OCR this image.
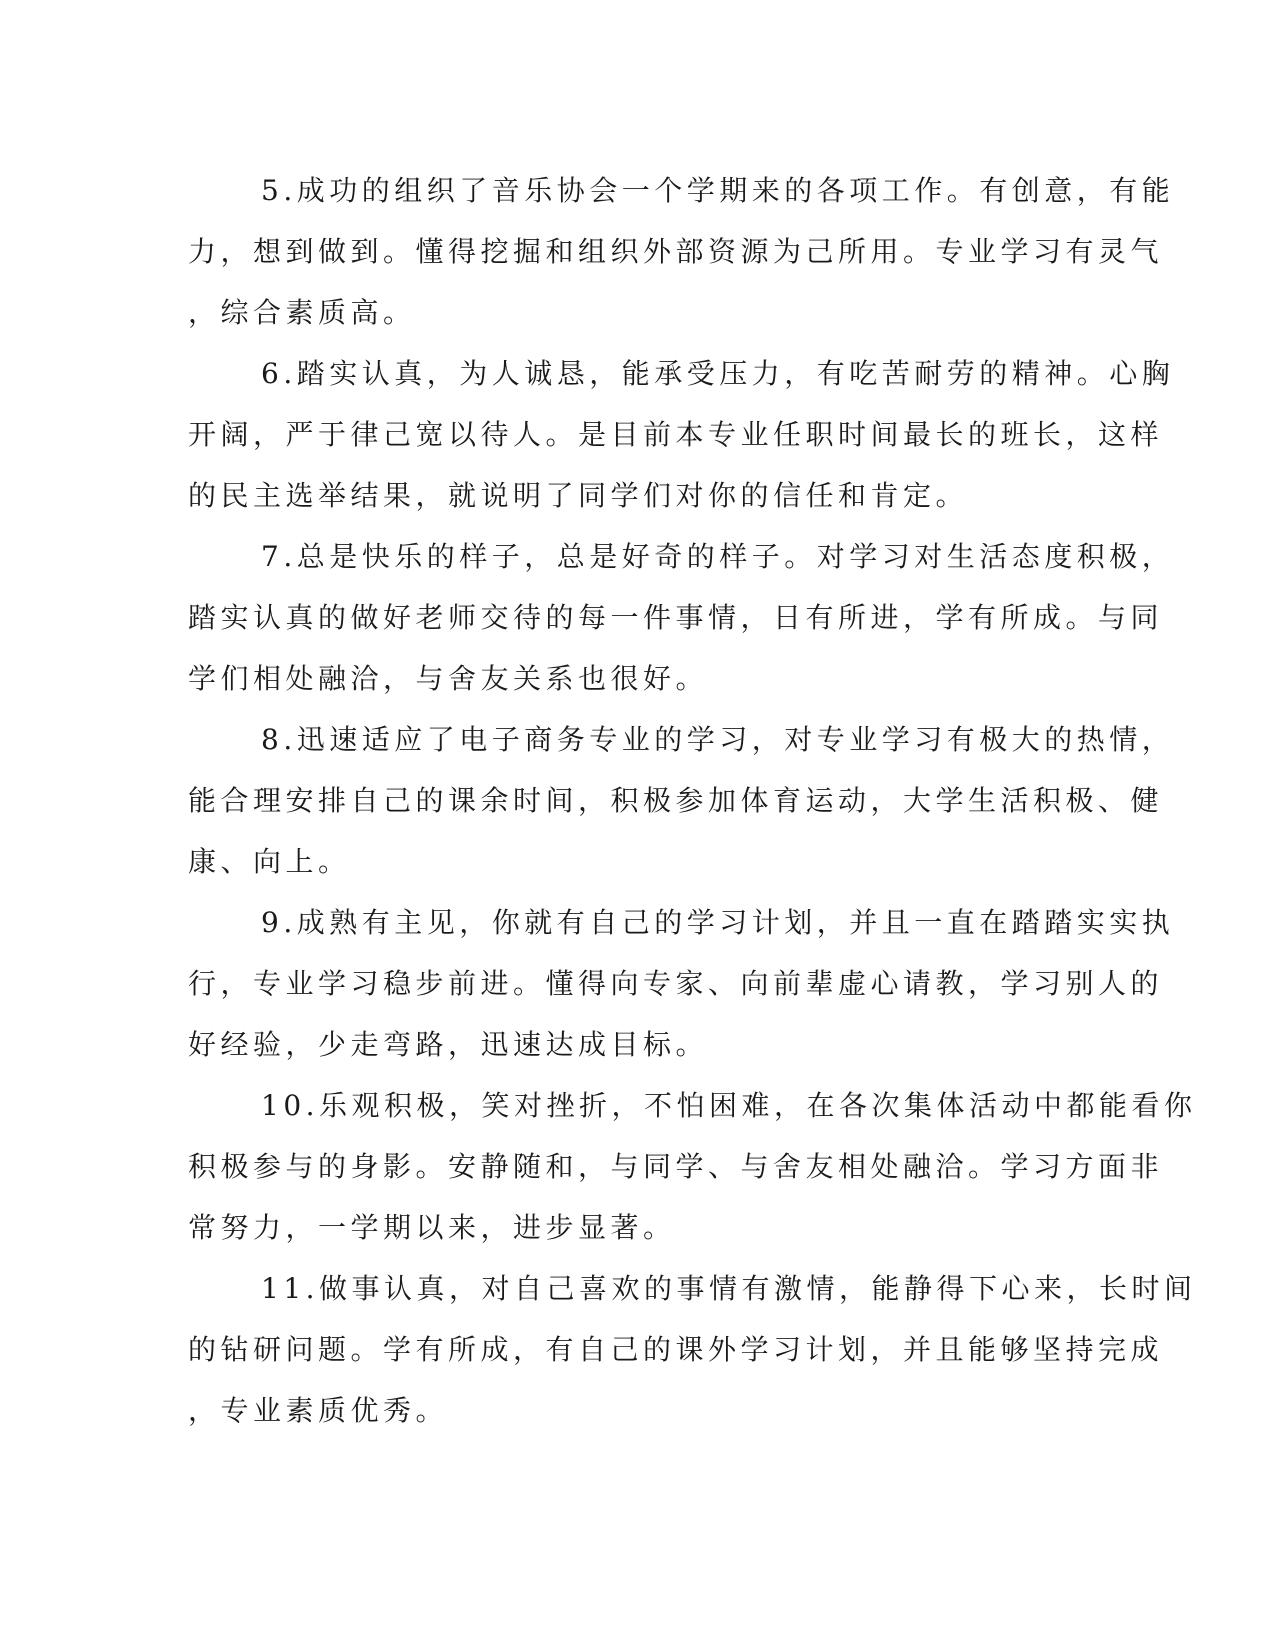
5.成功的组织了音乐协会一个学期来的各项工作。有创意，有能
力，想到做到。懂得挖掘和组织外部资源为己所用。专业学习有灵气
，综合素质高。

6.踏实认真，为人诚恳，能承受压力，有吃苦耐劳的精神。心胸
开阔，严于律己宽以待人。是目前本专业任职时间最长的班长，这样
的民主选举结果，就说明了同学们对你的信任和肯定。

7.总是快乐的样子，总是好奇的样子。对学习对生活态度积极，
踏实认真的做好老师交待的每一件事情，日有所进，学有所成。与同
学们相处融洽，与舍友关系也很好。

8.迅速适应了电子商务专业的学习，对专业学习有极大的热情，
能合理安排自己的课余时间，积极参加体育运动，大学生活积极、健
康、向上。

9.成熟有主见，你就有自己的学习计划，并且一直在踏踏实实执
行，专业学习稳步前进。懂得向专家、向前辈虚心请教，学习别人的
好经验，少走弯路，迅速达成目标。

10.乐观积极，笑对挫折，不怕困难，在各次集体活动中都能看你
积极参与的身影。安静随和，与同学、与舍友相处融洽。学习方面非
常努力，一学期以来，进步显著。

11.做事认真，对自己喜欢的事情有激情，能静得下心来，长时间
的钻研问题。学有所成，有自己的课外学习计划，并且能够坚持完成
，专业素质优秀。
